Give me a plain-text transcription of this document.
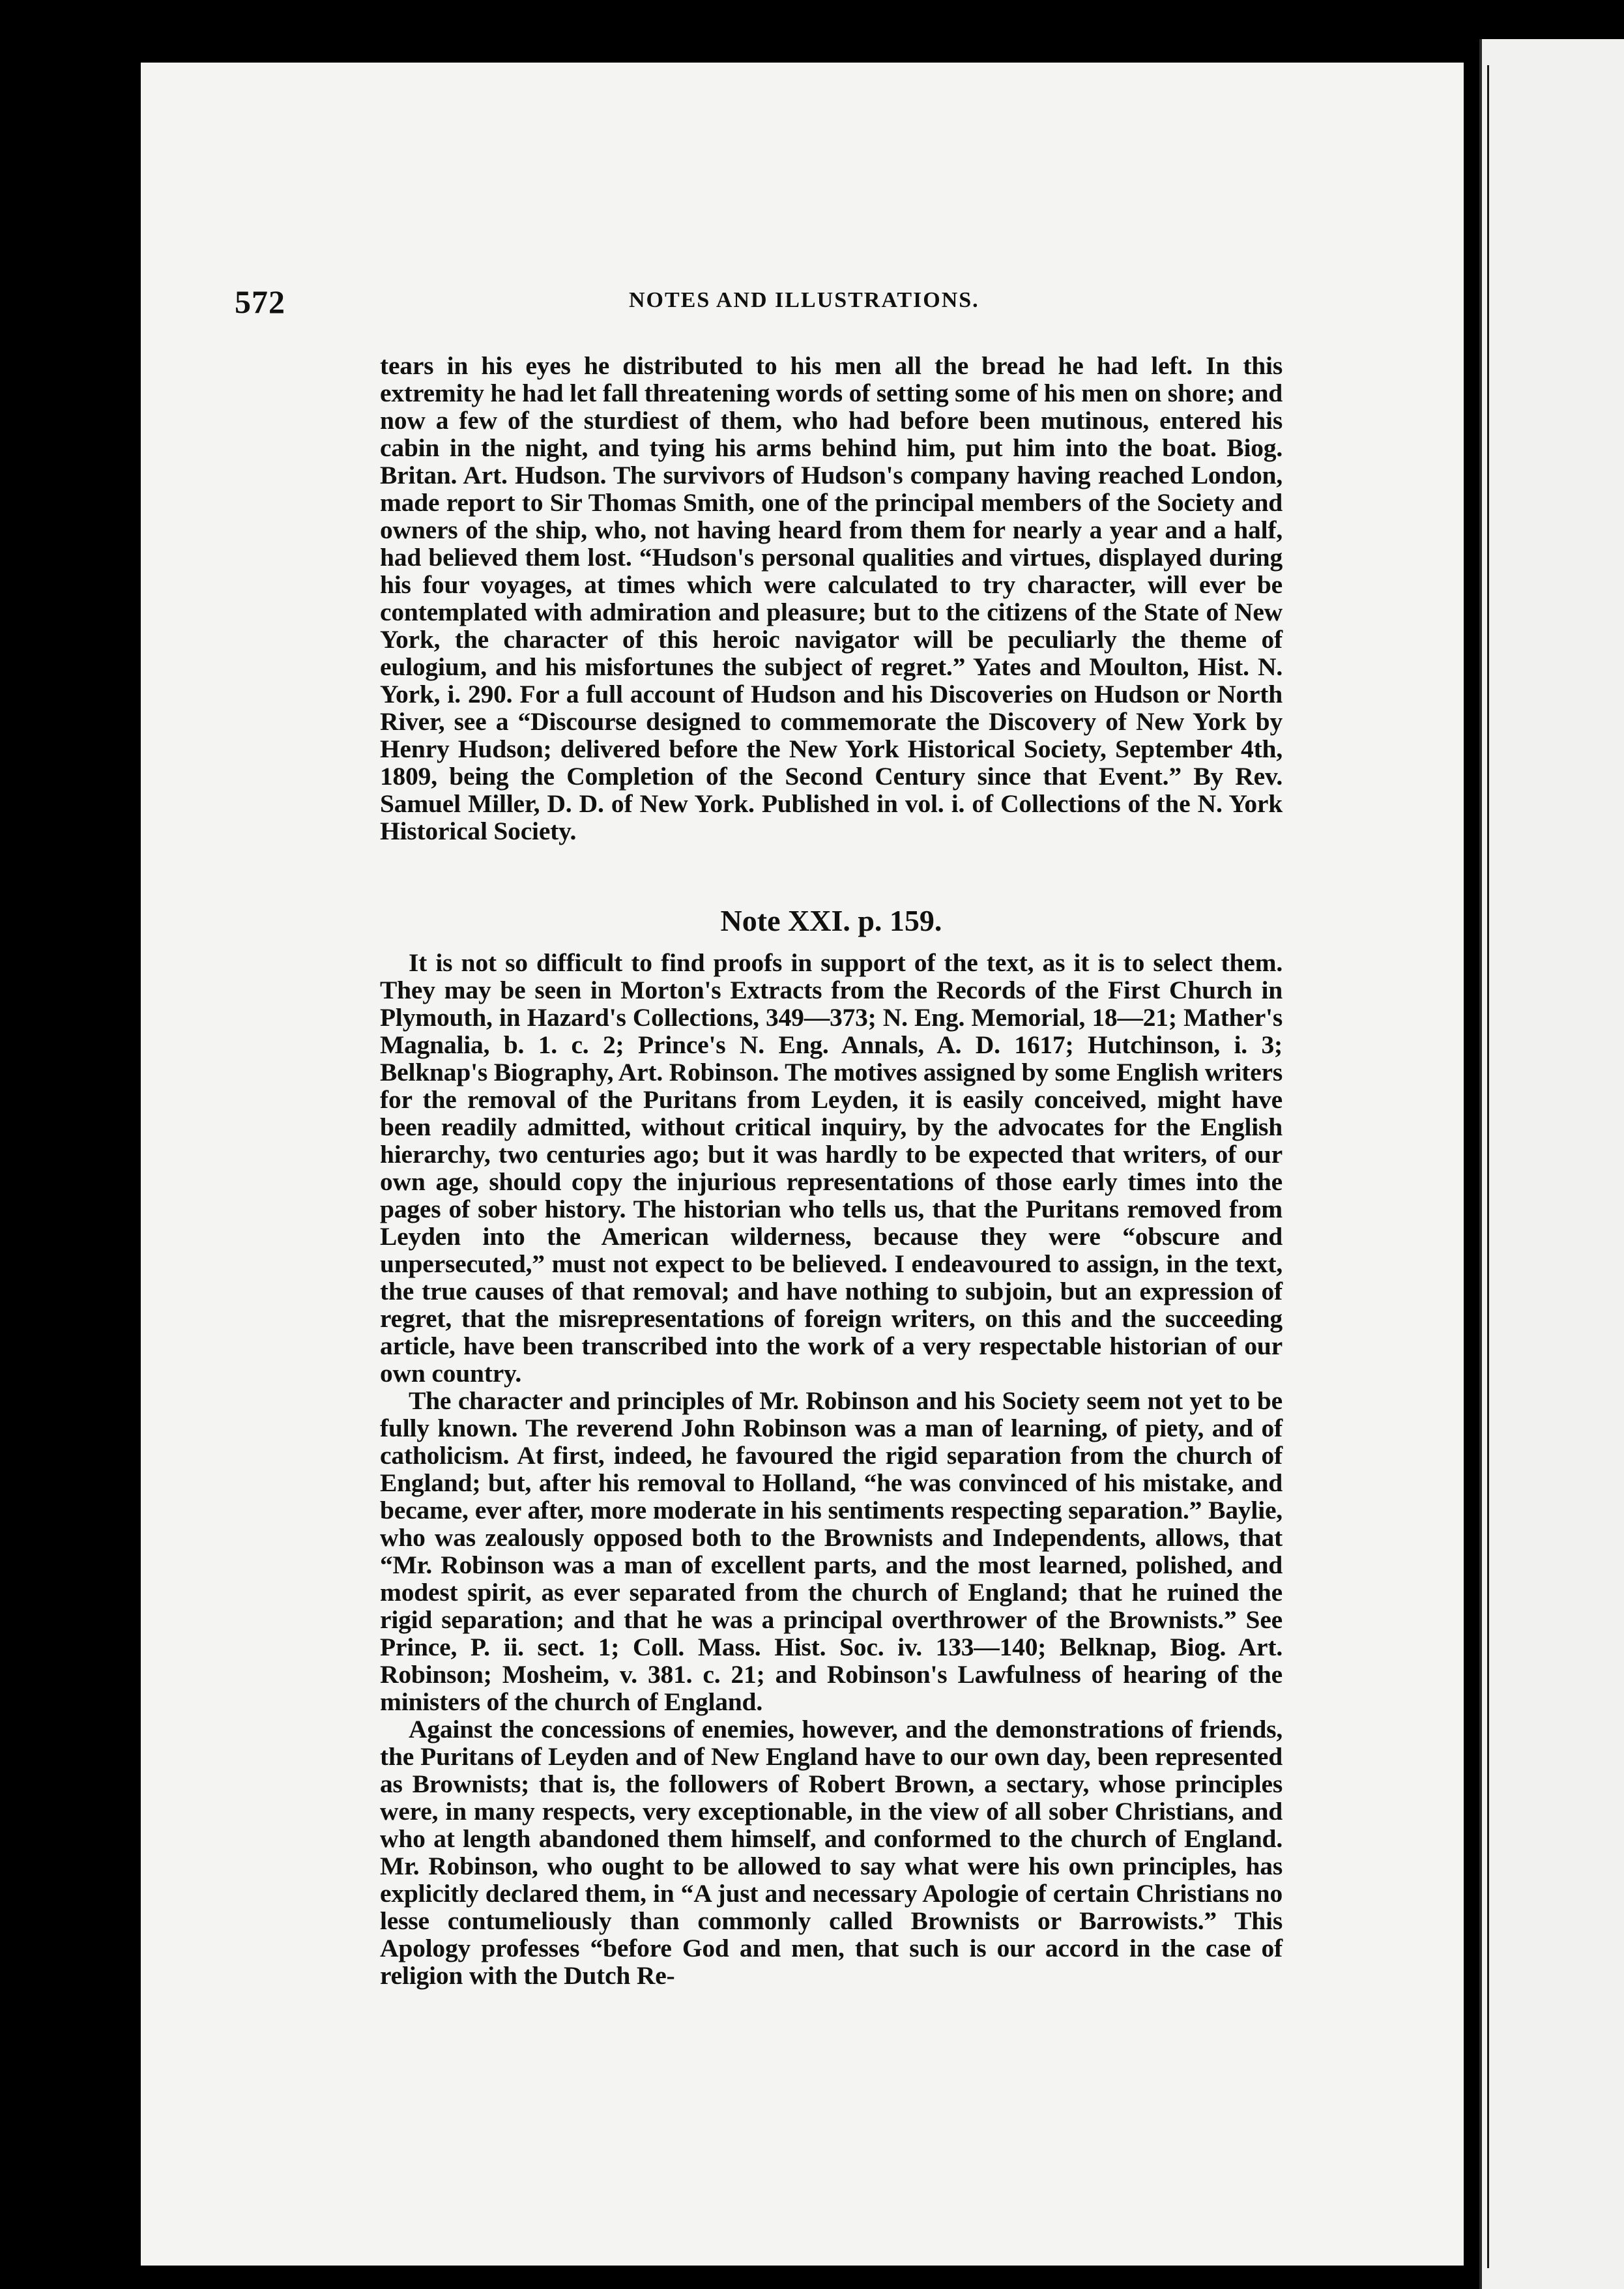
572	NOTES AND ILLUSTRATIONS.

tears in his eyes he distributed to his men all the bread he had left. In this extremity he had let fall threatening words of setting some of his men on shore; and now a few of the sturdiest of them, who had before been mutinous, entered his cabin in the night, and tying his arms behind him, put him into the boat. Biog. Britan. Art. Hudson. The survivors of Hudson's company having reached London, made report to Sir Thomas Smith, one of the principal members of the Society and owners of the ship, who, not having heard from them for nearly a year and a half, had believed them lost. “Hudson's personal qualities and virtues, displayed during his four voyages, at times which were calculated to try character, will ever be contemplated with admiration and pleasure; but to the citizens of the State of New York, the character of this heroic navigator will be peculiarly the theme of eulogium, and his misfortunes the subject of regret.” Yates and Moulton, Hist. N. York, i. 290. For a full account of Hudson and his Discoveries on Hudson or North River, see a “Discourse designed to commemorate the Discovery of New York by Henry Hudson; delivered before the New York Historical Society, September 4th, 1809, being the Completion of the Second Century since that Event.” By Rev. Samuel Miller, D. D. of New York. Published in vol. i. of Collections of the N. York Historical Society.

Note XXI. p. 159.

It is not so difficult to find proofs in support of the text, as it is to select them. They may be seen in Morton's Extracts from the Records of the First Church in Plymouth, in Hazard's Collections, 349—373; N. Eng. Memorial, 18—21; Mather's Magnalia, b. 1. c. 2; Prince's N. Eng. Annals, A. D. 1617; Hutchinson, i. 3; Belknap's Biography, Art. Robinson. The motives assigned by some English writers for the removal of the Puritans from Leyden, it is easily conceived, might have been readily admitted, without critical inquiry, by the advocates for the English hierarchy, two centuries ago; but it was hardly to be expected that writers, of our own age, should copy the injurious representations of those early times into the pages of sober history. The historian who tells us, that the Puritans removed from Leyden into the American wilderness, because they were “obscure and unpersecuted,” must not expect to be believed. I endeavoured to assign, in the text, the true causes of that removal; and have nothing to subjoin, but an expression of regret, that the misrepresentations of foreign writers, on this and the succeeding article, have been transcribed into the work of a very respectable historian of our own country.

The character and principles of Mr. Robinson and his Society seem not yet to be fully known. The reverend John Robinson was a man of learning, of piety, and of catholicism. At first, indeed, he favoured the rigid separation from the church of England; but, after his removal to Holland, “he was convinced of his mistake, and became, ever after, more moderate in his sentiments respecting separation.” Baylie, who was zealously opposed both to the Brownists and Independents, allows, that “Mr. Robinson was a man of excellent parts, and the most learned, polished, and modest spirit, as ever separated from the church of England; that he ruined the rigid separation; and that he was a principal overthrower of the Brownists.” See Prince, P. ii. sect. 1; Coll. Mass. Hist. Soc. iv. 133—140; Belknap, Biog. Art. Robinson; Mosheim, v. 381. c. 21; and Robinson's Lawfulness of hearing of the ministers of the church of England.

Against the concessions of enemies, however, and the demonstrations of friends, the Puritans of Leyden and of New England have to our own day, been represented as Brownists; that is, the followers of Robert Brown, a sectary, whose principles were, in many respects, very exceptionable, in the view of all sober Christians, and who at length abandoned them himself, and conformed to the church of England. Mr. Robinson, who ought to be allowed to say what were his own principles, has explicitly declared them, in “A just and necessary Apologie of certain Christians no lesse contumeliously than commonly called Brownists or Barrowists.” This Apology professes “before God and men, that such is our accord in the case of religion with the Dutch Re-
